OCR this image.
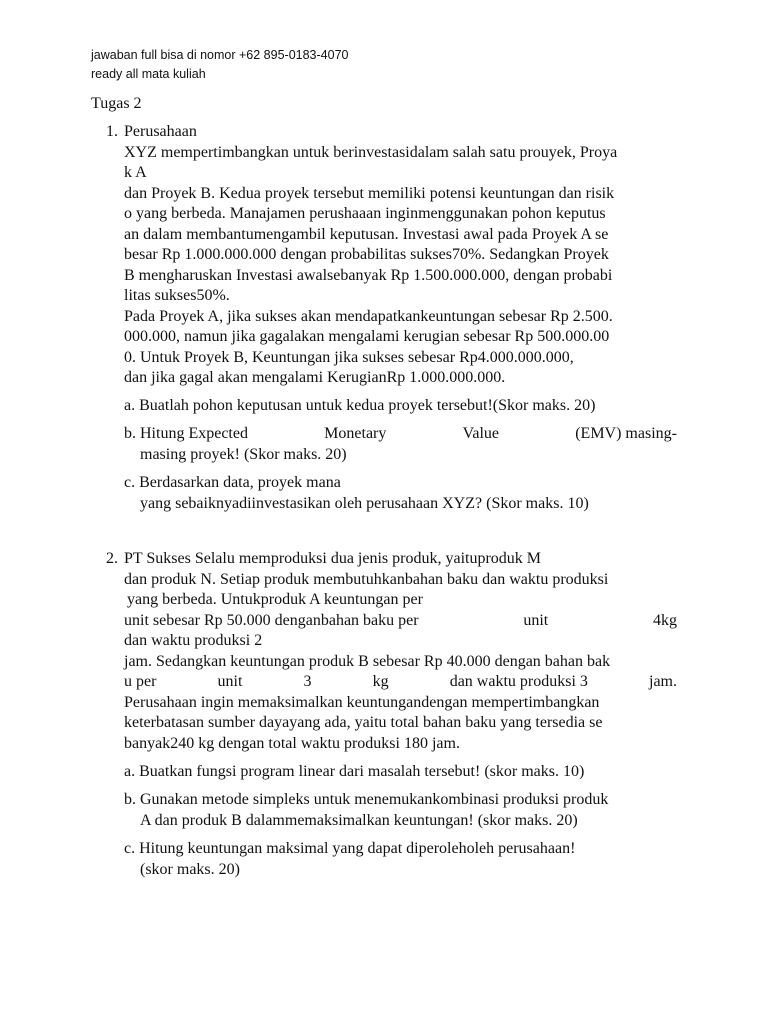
jawaban full bisa di nomor +62 895-0183-4070
ready all mata kuliah
Tugas 2
1. Perusahaan
XYZ mempertimbangkan untuk berinvestasidalam salah satu prouyek, Proya
k A
dan Proyek B. Kedua proyek tersebut memiliki potensi keuntungan dan risik
o yang berbeda. Manajamen perushaaan inginmenggunakan pohon keputus
an dalam membantumengambil keputusan. Investasi awal pada Proyek A se
besar Rp 1.000.000.000 dengan probabilitas sukses70%. Sedangkan Proyek
B mengharuskan Investasi awalsebanyak Rp 1.500.000.000, dengan probabi
litas sukses50%.
Pada Proyek A, jika sukses akan mendapatkankeuntungan sebesar Rp 2.500.
000.000, namun jika gagalakan mengalami kerugian sebesar Rp 500.000.00
0. Untuk Proyek B, Keuntungan jika sukses sebesar Rp4.000.000.000,
dan jika gagal akan mengalami KerugianRp 1.000.000.000.
a. Buatlah pohon keputusan untuk kedua proyek tersebut!(Skor maks. 20)
b. Hitung Expected	Monetary	Value	(EMV) masing-
masing proyek! (Skor maks. 20)
c. Berdasarkan data, proyek mana
yang sebaiknyadiinvestasikan oleh perusahaan XYZ? (Skor maks. 10)
2. PT Sukses Selalu memproduksi dua jenis produk, yaituproduk M
dan produk N. Setiap produk membutuhkanbahan baku dan waktu produksi
yang berbeda. Untukproduk A keuntungan per
unit sebesar Rp 50.000 denganbahan baku per	unit	4kg
dan waktu produksi 2
jam. Sedangkan keuntungan produk B sebesar Rp 40.000 dengan bahan bak
u per	unit	3	kg	dan waktu produksi 3	jam.
Perusahaan ingin memaksimalkan keuntungandengan mempertimbangkan
keterbatasan sumber dayayang ada, yaitu total bahan baku yang tersedia se
banyak240 kg dengan total waktu produksi 180 jam.
a. Buatkan fungsi program linear dari masalah tersebut! (skor maks. 10)
b. Gunakan metode simpleks untuk menemukankombinasi produksi produk
A dan produk B dalammemaksimalkan keuntungan! (skor maks. 20)
c. Hitung keuntungan maksimal yang dapat diperoleholeh perusahaan!
(skor maks. 20)
